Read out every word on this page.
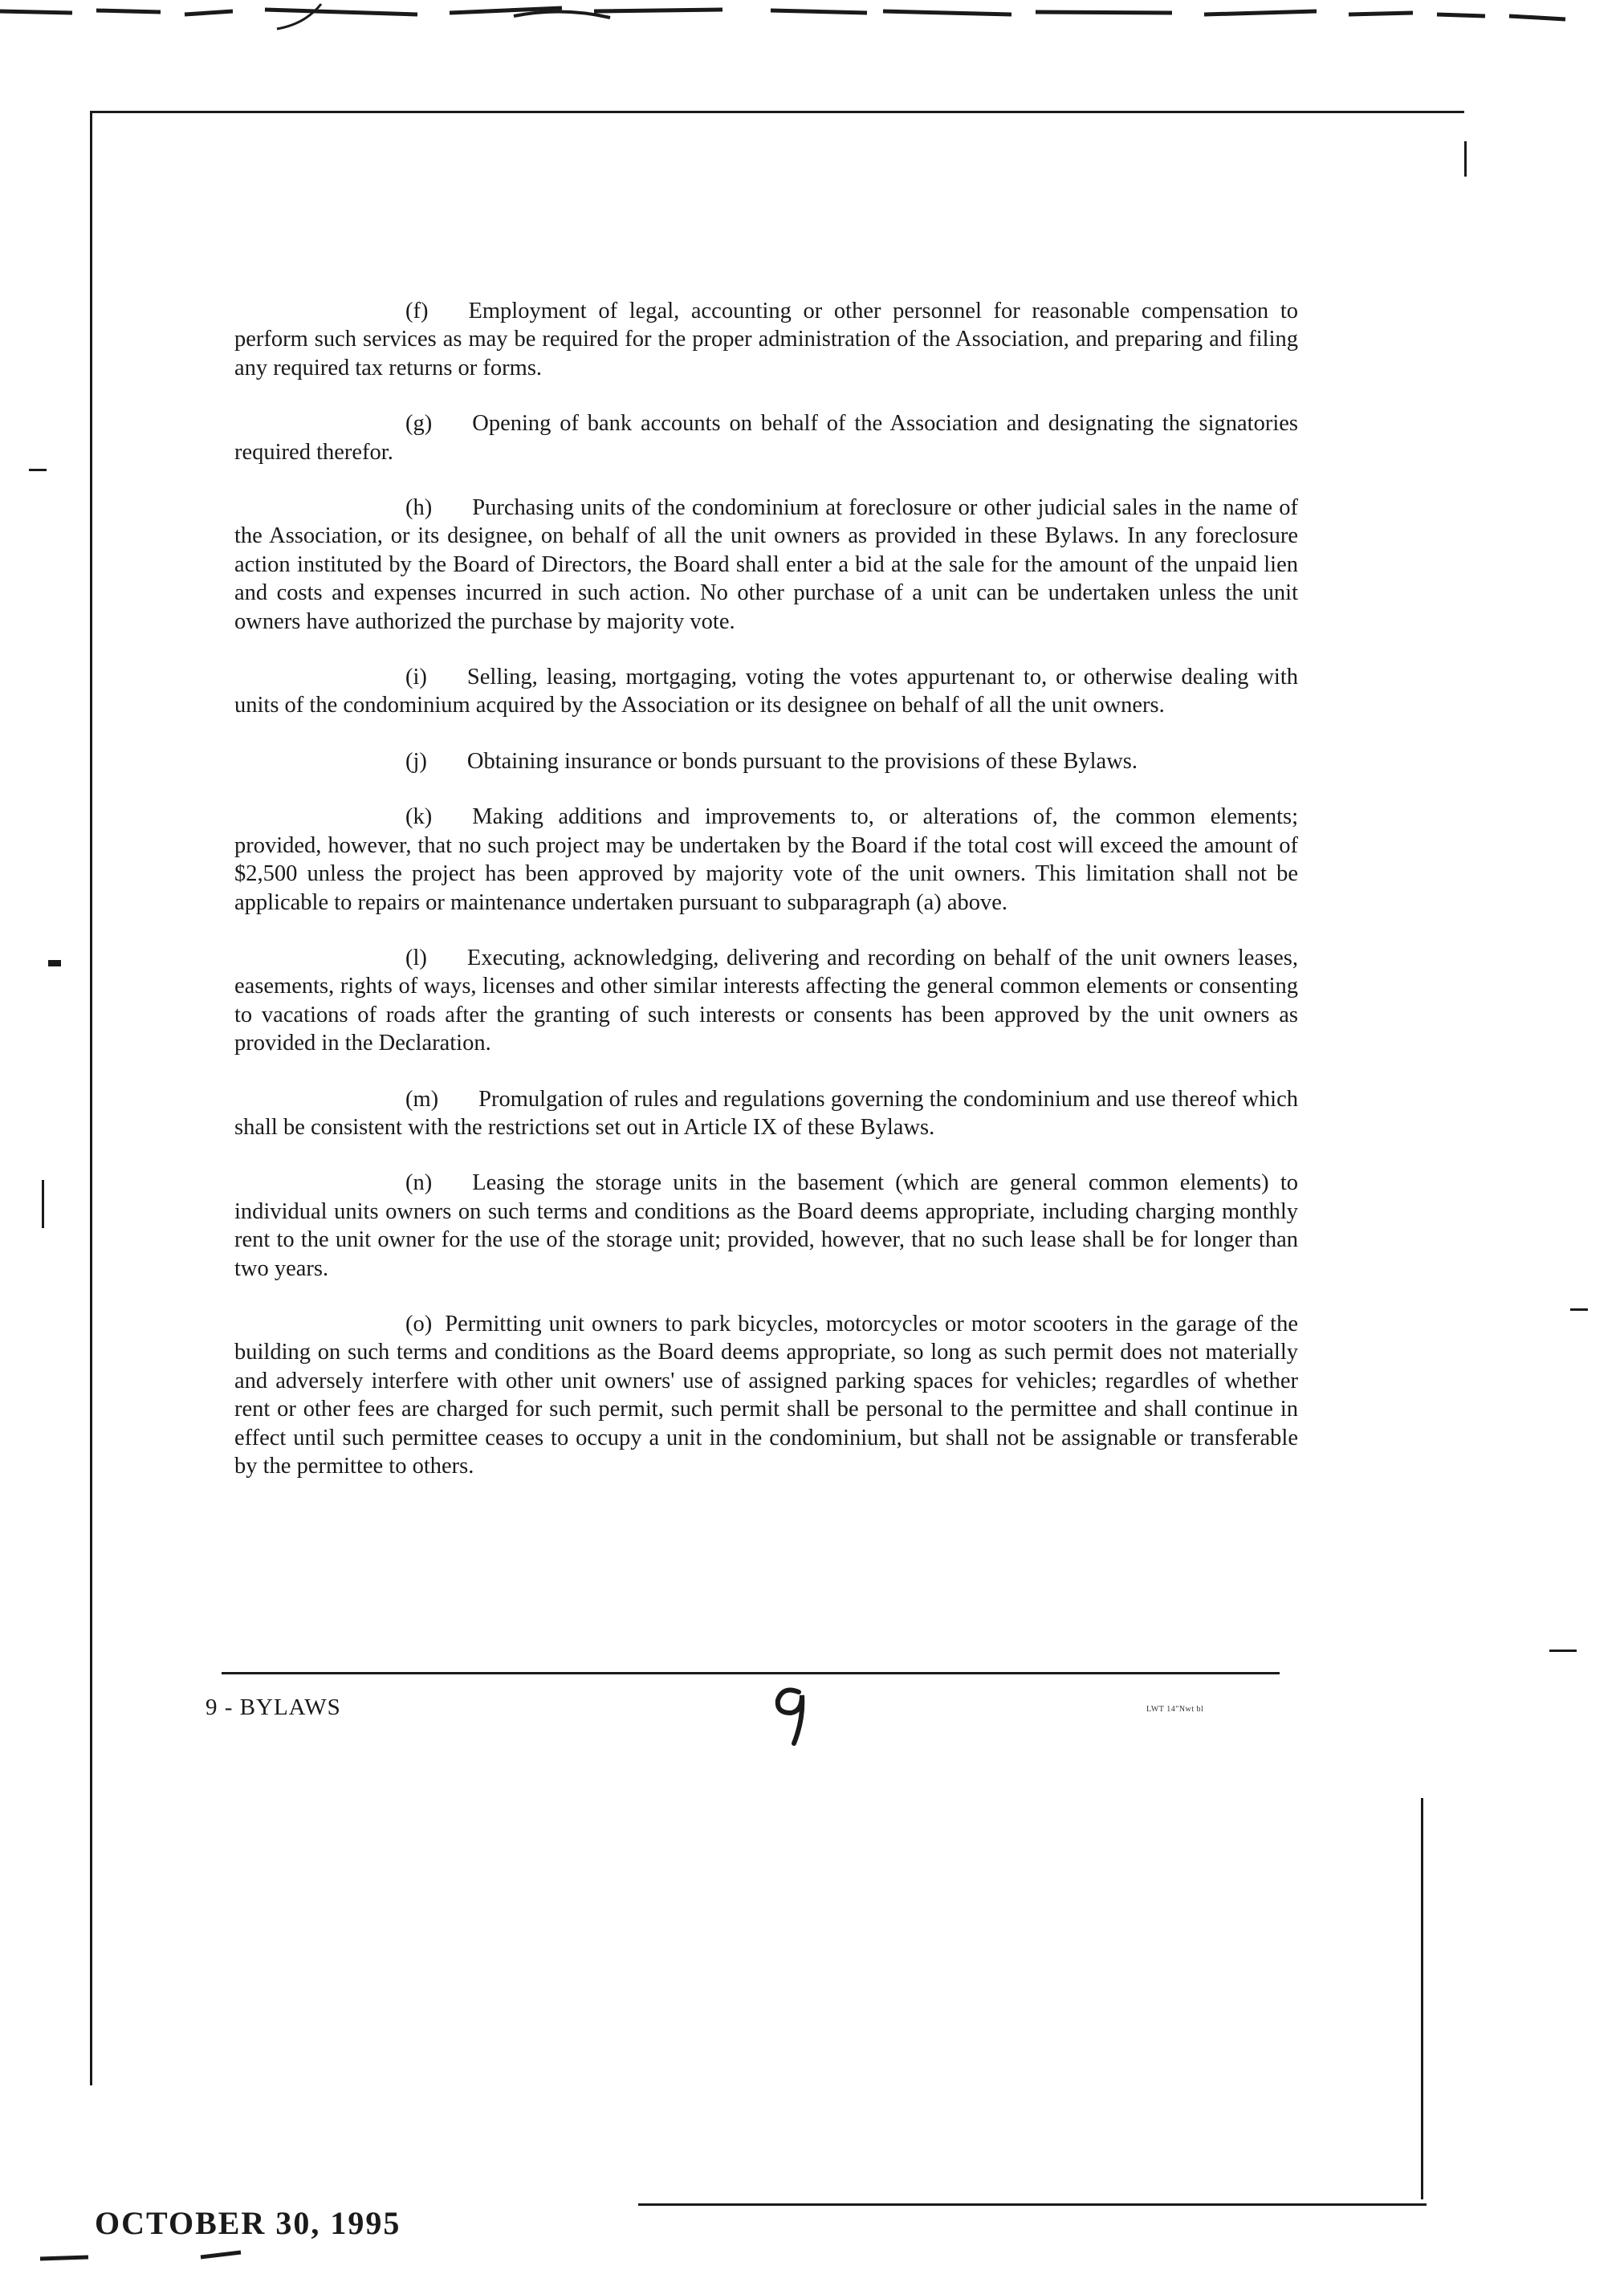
(f) Employment of legal, accounting or other personnel for reasonable compensation to perform such services as may be required for the proper administration of the Association, and preparing and filing any required tax returns or forms.

(g) Opening of bank accounts on behalf of the Association and designating the signatories required therefor.

(h) Purchasing units of the condominium at foreclosure or other judicial sales in the name of the Association, or its designee, on behalf of all the unit owners as provided in these Bylaws. In any foreclosure action instituted by the Board of Directors, the Board shall enter a bid at the sale for the amount of the unpaid lien and costs and expenses incurred in such action. No other purchase of a unit can be undertaken unless the unit owners have authorized the purchase by majority vote.

(i) Selling, leasing, mortgaging, voting the votes appurtenant to, or otherwise dealing with units of the condominium acquired by the Association or its designee on behalf of all the unit owners.

(j) Obtaining insurance or bonds pursuant to the provisions of these Bylaws.

(k) Making additions and improvements to, or alterations of, the common elements; provided, however, that no such project may be undertaken by the Board if the total cost will exceed the amount of $2,500 unless the project has been approved by majority vote of the unit owners. This limitation shall not be applicable to repairs or maintenance undertaken pursuant to subparagraph (a) above.

(l) Executing, acknowledging, delivering and recording on behalf of the unit owners leases, easements, rights of ways, licenses and other similar interests affecting the general common elements or consenting to vacations of roads after the granting of such interests or consents has been approved by the unit owners as provided in the Declaration.

(m) Promulgation of rules and regulations governing the condominium and use thereof which shall be consistent with the restrictions set out in Article IX of these Bylaws.

(n) Leasing the storage units in the basement (which are general common elements) to individual units owners on such terms and conditions as the Board deems appropriate, including charging monthly rent to the unit owner for the use of the storage unit; provided, however, that no such lease shall be for longer than two years.

(o) Permitting unit owners to park bicycles, motorcycles or motor scooters in the garage of the building on such terms and conditions as the Board deems appropriate, so long as such permit does not materially and adversely interfere with other unit owners' use of assigned parking spaces for vehicles; regardles of whether rent or other fees are charged for such permit, such permit shall be personal to the permittee and shall continue in effect until such permittee ceases to occupy a unit in the condominium, but shall not be assignable or transferable by the permittee to others.

9 - BYLAWS	LWT 14"Nwt bl
OCTOBER 30, 1995
